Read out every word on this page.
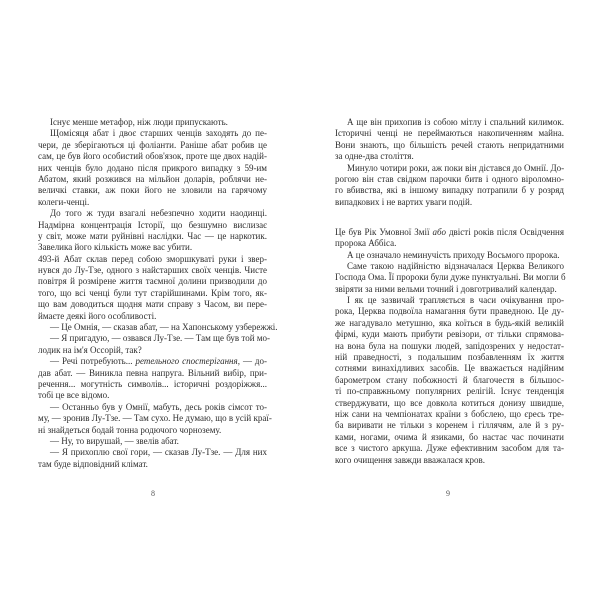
Існує менше метафор, ніж люди припускають.
Щомісяця абат і двоє старших ченців заходять до пе-
чери, де зберігаються ці фоліанти. Раніше абат робив це
сам, це був його особистий обов'язок, проте ще двох надій-
них ченців було додано після прикрого випадку з 59-им
Абатом, який розжився на мільйон доларів, роблячи не-
величкі ставки, аж поки його не зловили на гарячому
колеги-ченці.
До того ж туди взагалі небезпечно ходити наодинці.
Надмірна концентрація Історії, що безшумно вислизає
у світ, може мати руйнівні наслідки. Час — це наркотик.
Завелика його кількість може вас убити.
493-й Абат склав перед собою зморшкуваті руки і звер-
нувся до Лу-Тзе, одного з найстарших своїх ченців. Чисте
повітря й розмірене життя таємної долини призводили до
того, що всі ченці були тут старійшинами. Крім того, як-
що вам доводиться щодня мати справу з Часом, ви пере-
ймаєте деякі його особливості.
— Це Омнія, — сказав абат, — на Хапонському узбережжі.
— Я пригадую, — озвався Лу-Тзе. — Там ще був той мо-
лодик на ім'я Оссорій, так?
— Речі потребують... ретельного спостерігання, — до-
дав абат. — Виникла певна напруга. Вільний вибір, при-
речення... могутність символів... історичні роздоріжжя...
тобі це все відомо.
— Останньо був у Омнії, мабуть, десь років сімсот то-
му, — зронив Лу-Тзе. — Там сухо. Не думаю, що в усій краї-
ні знайдеться бодай тонна родючого чорнозему.
— Ну, то вирушай, — звелів абат.
— Я прихоплю свої гори, — сказав Лу-Тзе. — Для них
там буде відповідний клімат.
8
А ще він прихопив із собою мітлу і спальний килимок.
Історичні ченці не переймаються накопиченням майна.
Вони знають, що більшість речей стають непридатними
за одне-два століття.
Минуло чотири роки, аж поки він дістався до Омнії. До-
рогою він став свідком парочки битв і одного віроломно-
го вбивства, які в іншому випадку потрапили б у розряд
випадкових і не вартих уваги подій.
Це був Рік Умовної Змії або двісті років після Освідчення
пророка Аббіса.
А це означало неминучість приходу Восьмого пророка.
Саме такою надійністю відзначалася Церква Великого
Господа Ома. Її пророки були дуже пунктуальні. Ви могли б
звіряти за ними вельми точний і довготривалий календар.
І як це зазвичай трапляється в часи очікування про-
рока, Церква подвоїла намагання бути праведною. Це ду-
же нагадувало метушню, яка коїться в будь-якій великій
фірмі, куди мають прибути ревізори, от тільки спрямова-
на вона була на пошуки людей, запідозрених у недостат-
ній праведності, з подальшим позбавленням їх життя
сотнями винахідливих засобів. Це вважається надійним
барометром стану побожності й благочестя в більшос-
ті по-справжньому популярних релігій. Існує тенденція
стверджувати, що все довкола котиться донизу швидше,
ніж сани на чемпіонатах країни з бобслею, що єресь тре-
ба виривати не тільки з коренем і гіллячям, але й з ру-
ками, ногами, очима й язиками, бо настає час починати
все з чистого аркуша. Дуже ефективним засобом для та-
кого очищення завжди вважалася кров.
9
